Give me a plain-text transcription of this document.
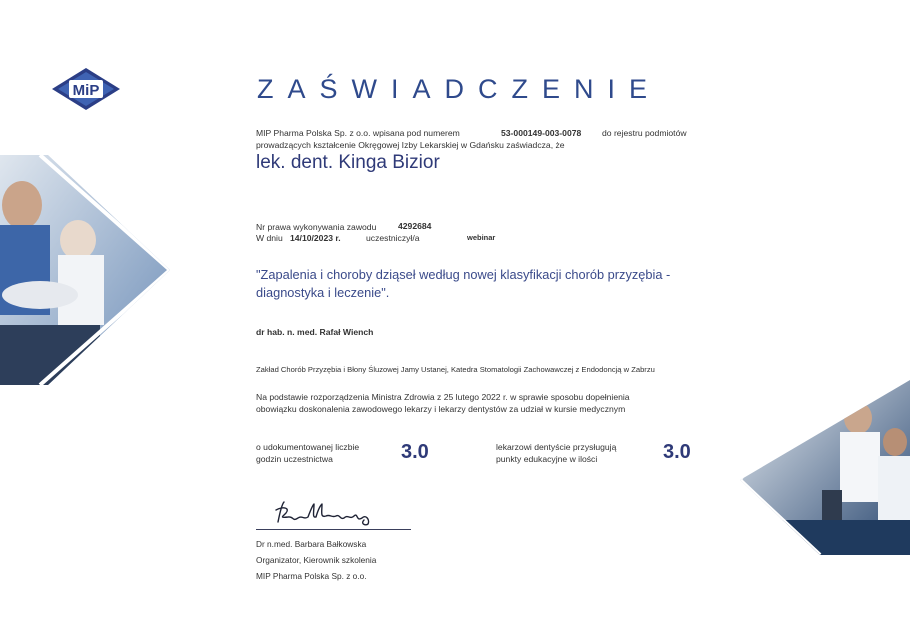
MiP	ZAŚWIADCZENIE
MIP Pharma Polska Sp. z o.o. wpisana pod numerem	53-000149-003-0078 do rejestru podmiotów
prowadzących kształcenie Okręgowej Izby Lekarskiej w Gdańsku zaświadcza, że
lek. dent. Kinga Bizior
Nr prawa wykonywania zawodu	4292684
W dniu 14/10/2023 r.	uczestniczył/a	webinar
"Zapalenia i choroby dziąseł według nowej klasyfikacji chorób przyzębia - diagnostyka i leczenie".
dr hab. n. med. Rafał Wiench
Zakład Chorób Przyzębia i Błony Śluzowej Jamy Ustanej, Katedra Stomatologii Zachowawczej z Endodoncją w Zabrzu
Na podstawie rozporządzenia Ministra Zdrowia z 25 lutego 2022 r. w sprawie sposobu dopełnienia
obowiązku doskonalenia zawodowego lekarzy i lekarzy dentystów za udział w kursie medycznym
o udokumentowanej liczbie
godzin uczestnictwa	3.0	lekarzowi dentyście przysługują
punkty edukacyjne w ilości	3.0
Dr n.med. Barbara Bałkowska
Organizator, Kierownik szkolenia
MIP Pharma Polska Sp. z o.o.
